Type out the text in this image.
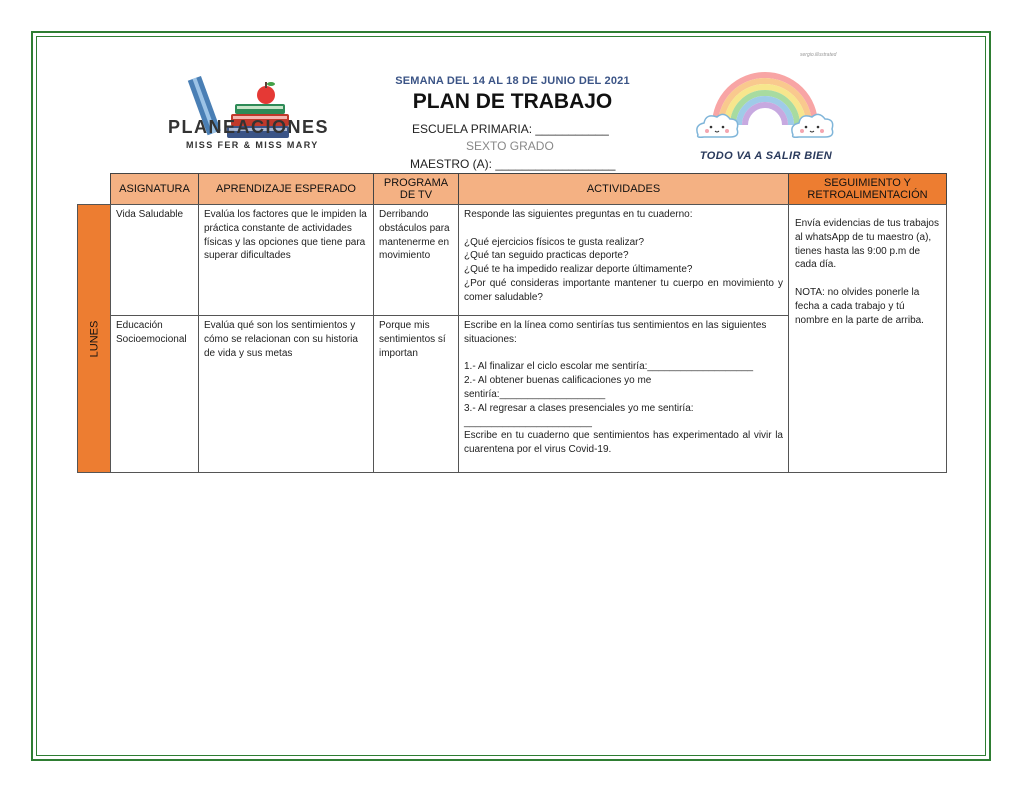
PLANEACIONES
MISS FER & MISS MARY
SEMANA DEL 14 AL 18 DE JUNIO DEL 2021
PLAN DE TRABAJO
ESCUELA PRIMARIA: ___________
SEXTO GRADO
MAESTRO (A): __________________
sergio.illustrated
TODO VA A SALIR BIEN
ASIGNATURA	APRENDIZAJE ESPERADO
PROGRAMA DE TV
ACTIVIDADES
SEGUIMIENTO Y RETROALIMENTACIÓN
LUNES
Vida Saludable	Evalúa los factores que le impiden la práctica constante de actividades físicas y las opciones que tiene para superar dificultades
Derribando obstáculos para mantenerme en movimiento

Responde las siguientes preguntas en tu cuaderno:

¿Qué ejercicios físicos te gusta realizar?

¿Qué tan seguido practicas deporte?

¿Qué te ha impedido realizar deporte últimamente?

¿Por qué consideras importante mantener tu cuerpo en movimiento y comer saludable?

Educación Socioemocional
Evalúa qué son los sentimientos y cómo se relacionan con su historia de vida y sus metas
Porque mis sentimientos sí importan

Escribe en la línea como sentirías tus sentimientos en las siguientes situaciones:

1.- Al finalizar el ciclo escolar me sentiría:___________________

2.- Al obtener buenas calificaciones yo me sentiría:___________________

3.- Al regresar a clases presenciales yo me sentiría: _______________________

Escribe en tu cuaderno que sentimientos has experimentado al vivir la cuarentena por el virus Covid-19.

Envía evidencias de tus trabajos al whatsApp de tu maestro (a), tienes hasta las 9:00 p.m de cada día.

NOTA: no olvides ponerle la fecha a cada trabajo y tú nombre en la parte de arriba.
